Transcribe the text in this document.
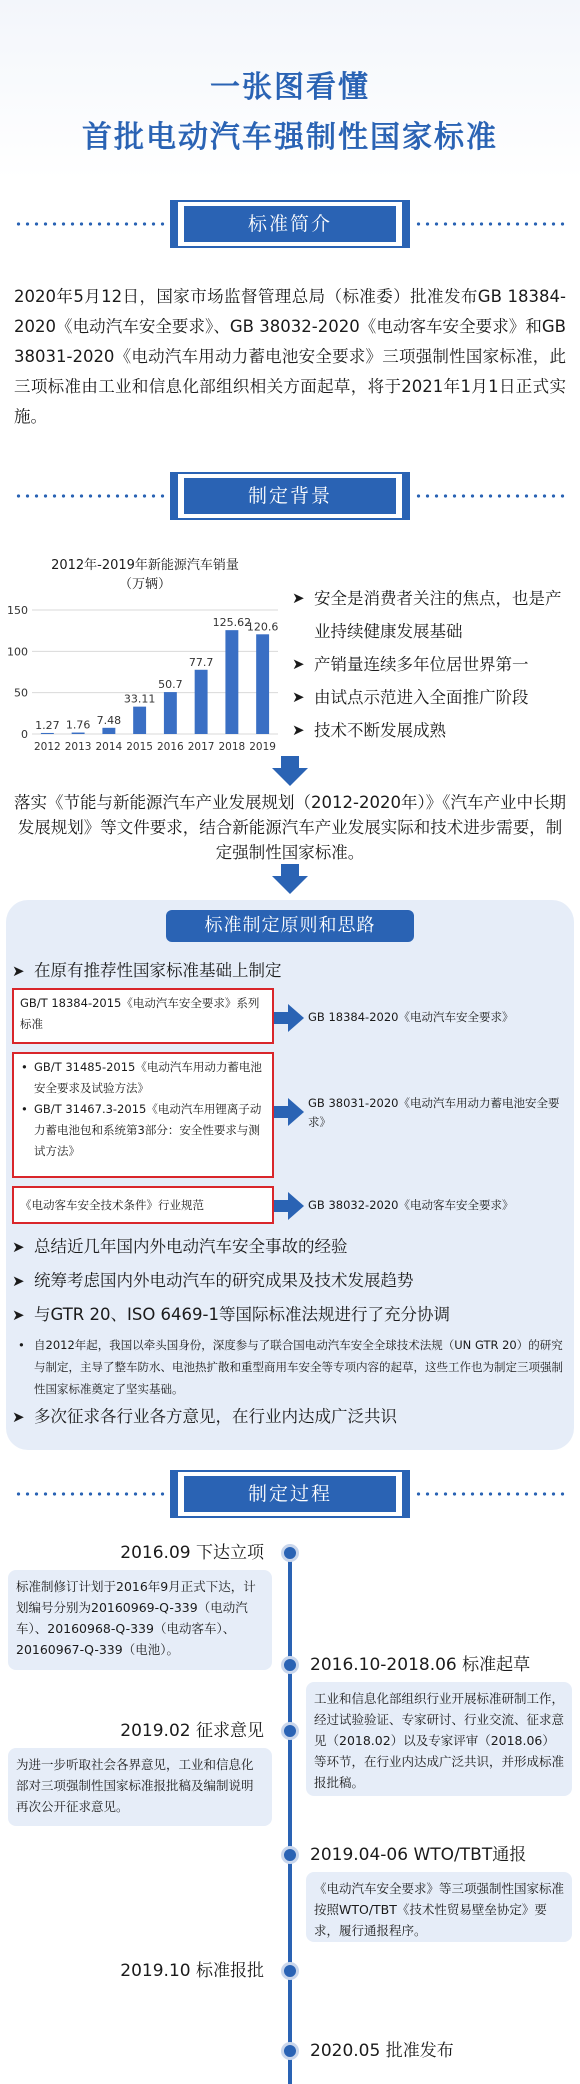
一张图看懂
首批电动汽车强制性国家标准
标准简介
2020年5月12日，国家市场监督管理总局（标准委）批准发布GB 18384-2020《电动汽车安全要求》、GB 38032-2020《电动客车安全要求》和GB 38031-2020《电动汽车用动力蓄电池安全要求》三项强制性国家标准，此三项标准由工业和信息化部组织相关方面起草，将于2021年1月1日正式实施。
制定背景
2012年-2019年新能源汽车销量
（万辆）
0
50
100
150
1.27
2012
1.76
2013
7.48
2014
33.11
2015
50.7
2016
77.7
2017
125.62
2018
120.6
2019
➤ 安全是消费者关注的焦点，也是产业持续健康发展基础
➤ 产销量连续多年位居世界第一
➤ 由试点示范进入全面推广阶段
➤ 技术不断发展成熟
落实《节能与新能源汽车产业发展规划（2012-2020年）》《汽车产业中长期发展规划》等文件要求，结合新能源汽车产业发展实际和技术进步需要，制定强制性国家标准。
标准制定原则和思路
➤ 在原有推荐性国家标准基础上制定
GB/T 18384-2015《电动汽车安全要求》系列标准	GB 18384-2020《电动汽车安全要求》
• GB/T 31485-2015《电动汽车用动力蓄电池安全要求及试验方法》
• GB/T 31467.3-2015《电动汽车用锂离子动力蓄电池包和系统第3部分：安全性要求与测试方法》
GB 38031-2020《电动汽车用动力蓄电池安全要求》
《电动客车安全技术条件》行业规范	GB 38032-2020《电动客车安全要求》
➤ 总结近几年国内外电动汽车安全事故的经验
➤ 统筹考虑国内外电动汽车的研究成果及技术发展趋势
➤ 与GTR 20、ISO 6469-1等国际标准法规进行了充分协调
• 自2012年起，我国以牵头国身份，深度参与了联合国电动汽车安全全球技术法规（UN GTR 20）的研究与制定，主导了整车防水、电池热扩散和重型商用车安全等专项内容的起草，这些工作也为制定三项强制性国家标准奠定了坚实基础。
➤ 多次征求各行业各方意见，在行业内达成广泛共识
制定过程
2016.09 下达立项
标准制修订计划于2016年9月正式下达，计划编号分别为20160969-Q-339（电动汽车）、20160968-Q-339（电动客车）、20160967-Q-339（电池）。
2016.10-2018.06 标准起草
工业和信息化部组织行业开展标准研制工作，经过试验验证、专家研讨、行业交流、征求意见（2018.02）以及专家评审（2018.06）等环节，在行业内达成广泛共识，并形成标准报批稿。
2019.02 征求意见
为进一步听取社会各界意见，工业和信息化部对三项强制性国家标准报批稿及编制说明再次公开征求意见。
2019.04-06 WTO/TBT通报
《电动汽车安全要求》等三项强制性国家标准按照WTO/TBT《技术性贸易壁垒协定》要求，履行通报程序。
2019.10 标准报批
2020.05 批准发布
